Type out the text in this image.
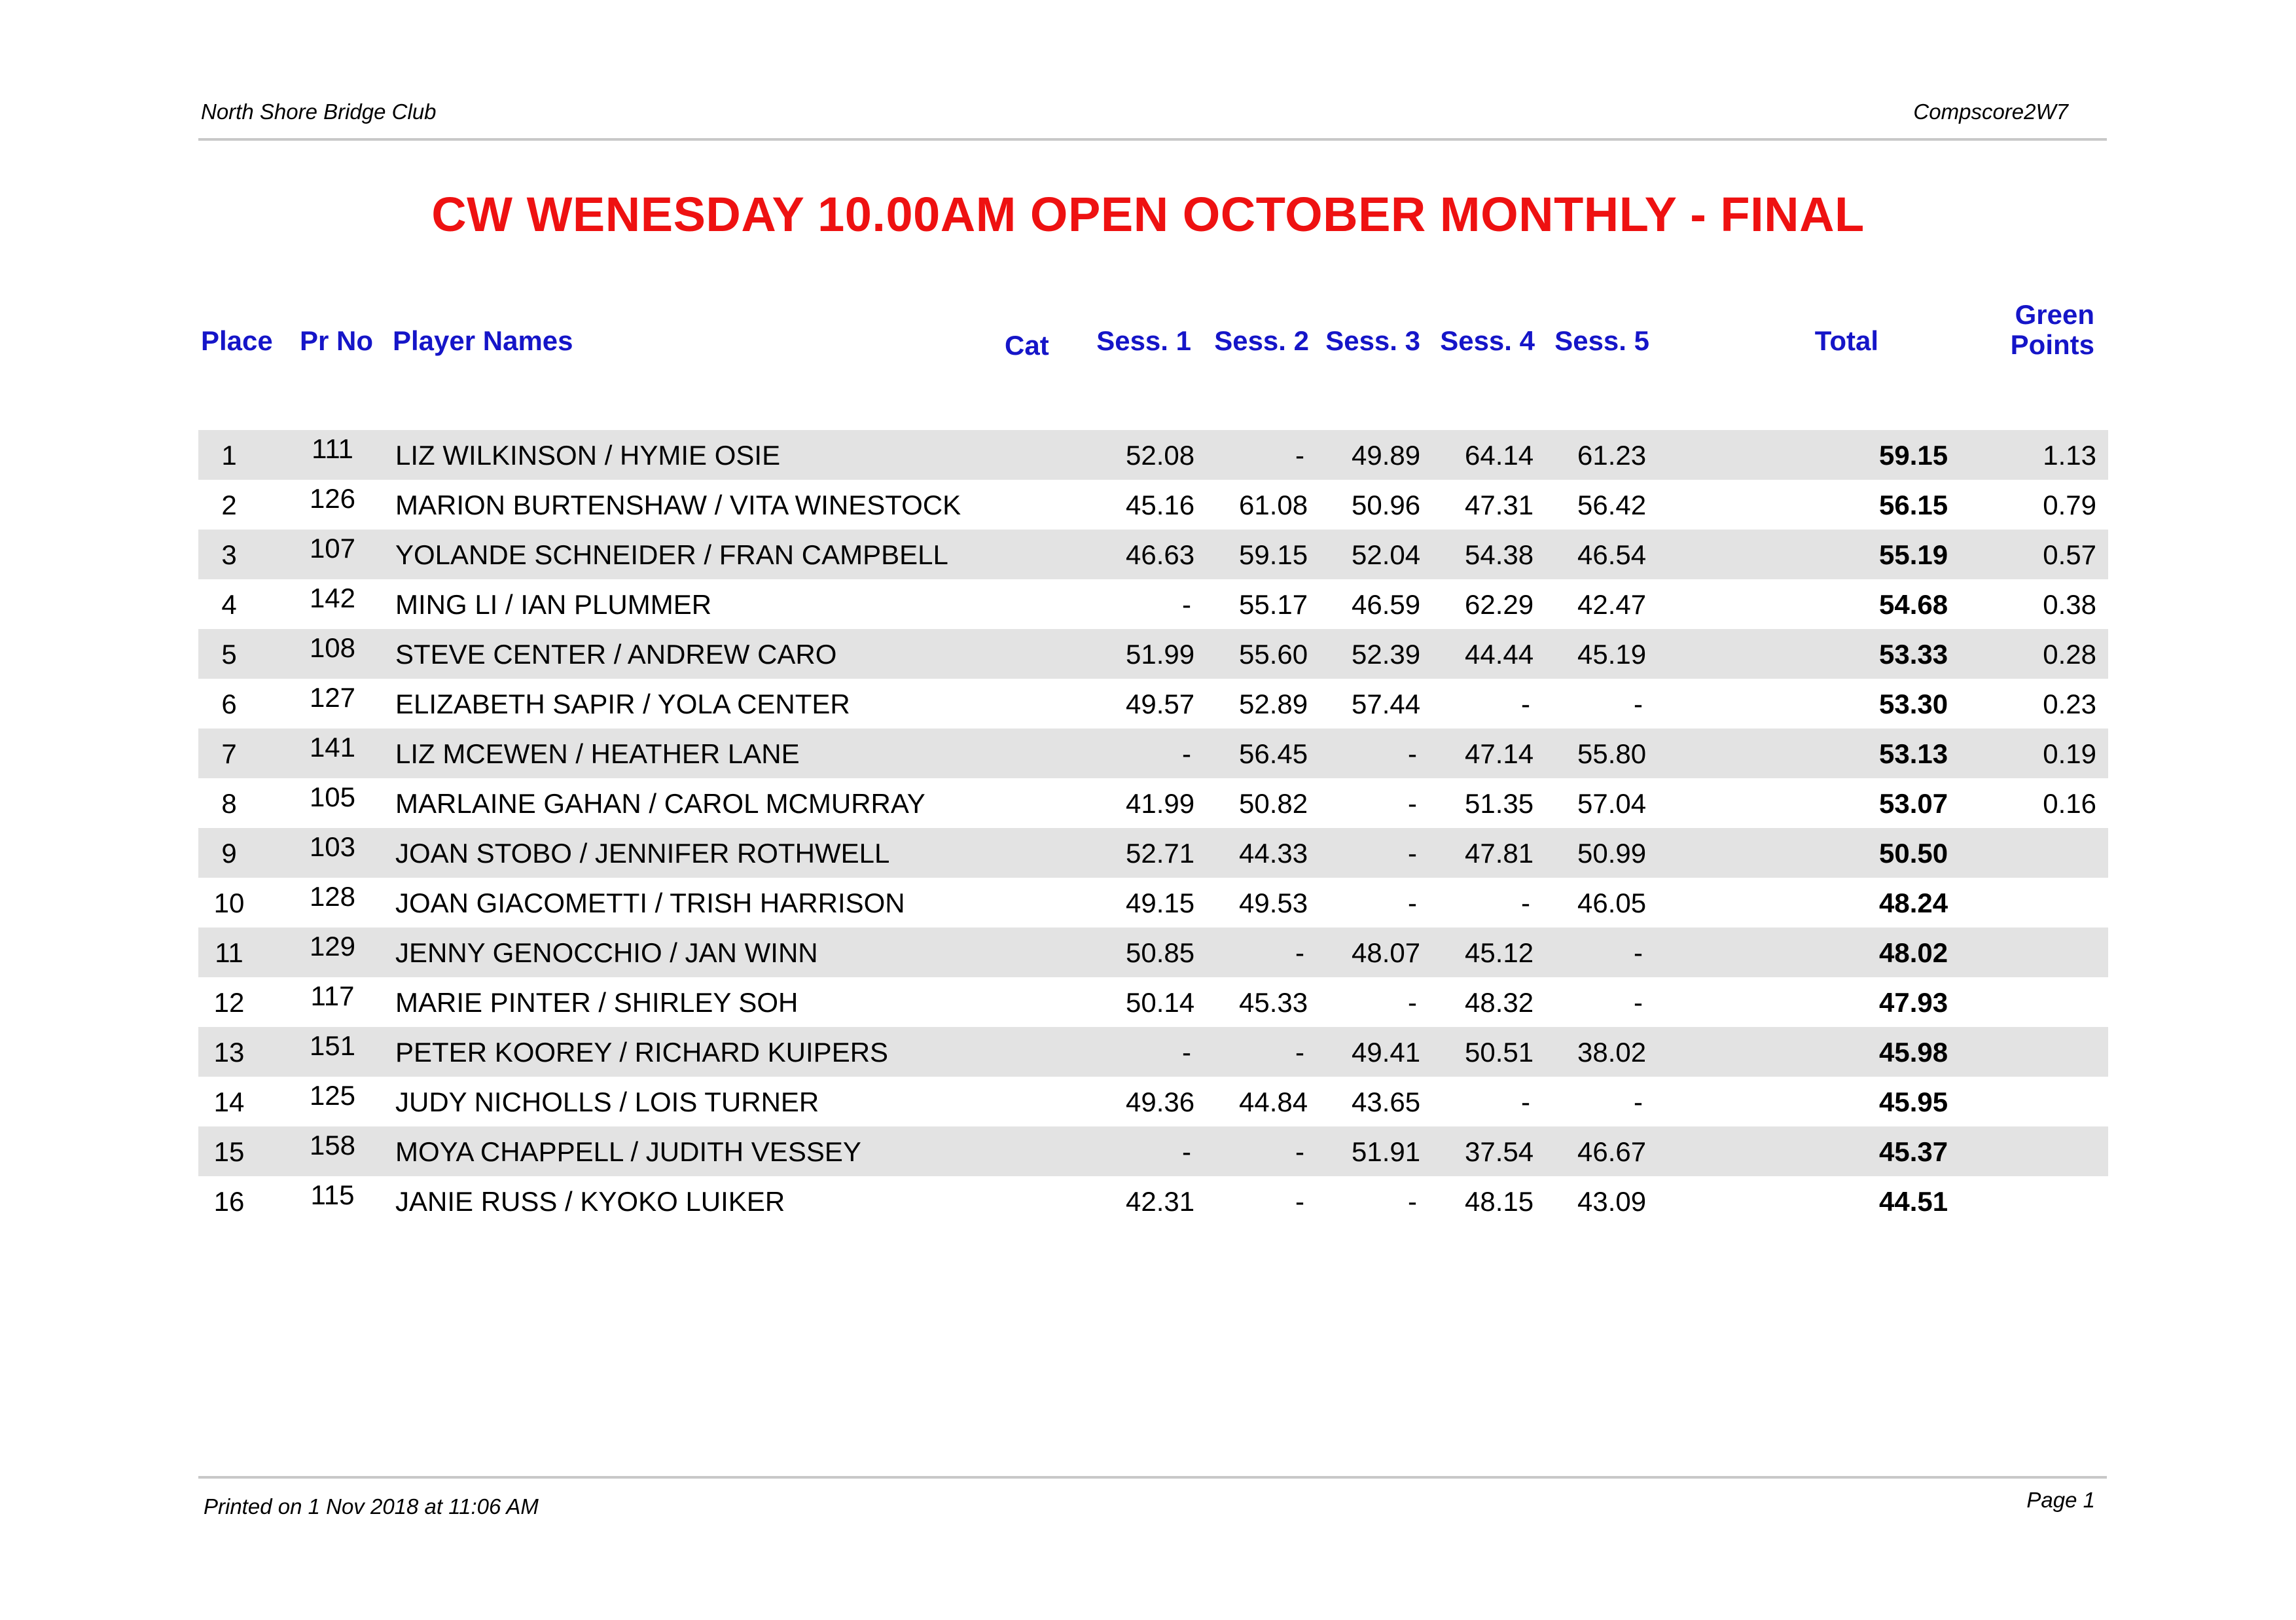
North Shore Bridge Club	Compscore2W7
CW WENESDAY 10.00AM OPEN OCTOBER MONTHLY - FINAL
Place Pr No Player Names	Cat	Sess. 1 Sess. 2 Sess. 3 Sess. 4 Sess. 5	Total
Green
Points
1	111	LIZ WILKINSON / HYMIE OSIE	52.08	- 49.89 64.14 61.23	59.15	1.13
2	126	MARION BURTENSHAW / VITA WINESTOCK	45.16 61.08 50.96 47.31 56.42	56.15	0.79
3	107	YOLANDE SCHNEIDER / FRAN CAMPBELL	46.63 59.15 52.04 54.38 46.54	55.19	0.57
4	142	MING LI / IAN PLUMMER	- 55.17 46.59 62.29 42.47	54.68	0.38
5	108	STEVE CENTER / ANDREW CARO	51.99 55.60 52.39 44.44 45.19	53.33	0.28
6	127	ELIZABETH SAPIR / YOLA CENTER	49.57 52.89 57.44	-	-	53.30	0.23
7	141	LIZ MCEWEN / HEATHER LANE	- 56.45	- 47.14 55.80	53.13	0.19
8	105	MARLAINE GAHAN / CAROL MCMURRAY	41.99 50.82	- 51.35 57.04	53.07	0.16
9	103	JOAN STOBO / JENNIFER ROTHWELL	52.71 44.33	- 47.81 50.99	50.50
10	128	JOAN GIACOMETTI / TRISH HARRISON	49.15 49.53	-	- 46.05	48.24
11	129	JENNY GENOCCHIO / JAN WINN	50.85	- 48.07 45.12	-	48.02
12	117	MARIE PINTER / SHIRLEY SOH	50.14 45.33	- 48.32	-	47.93
13	151	PETER KOOREY / RICHARD KUIPERS	-	- 49.41 50.51 38.02	45.98
14	125	JUDY NICHOLLS / LOIS TURNER	49.36 44.84 43.65	-	-	45.95
15	158	MOYA CHAPPELL / JUDITH VESSEY	-	- 51.91 37.54 46.67	45.37
16	115	JANIE RUSS / KYOKO LUIKER	42.31	-	- 48.15 43.09	44.51
Printed on 1 Nov 2018 at 11:06 AM	Page 1
